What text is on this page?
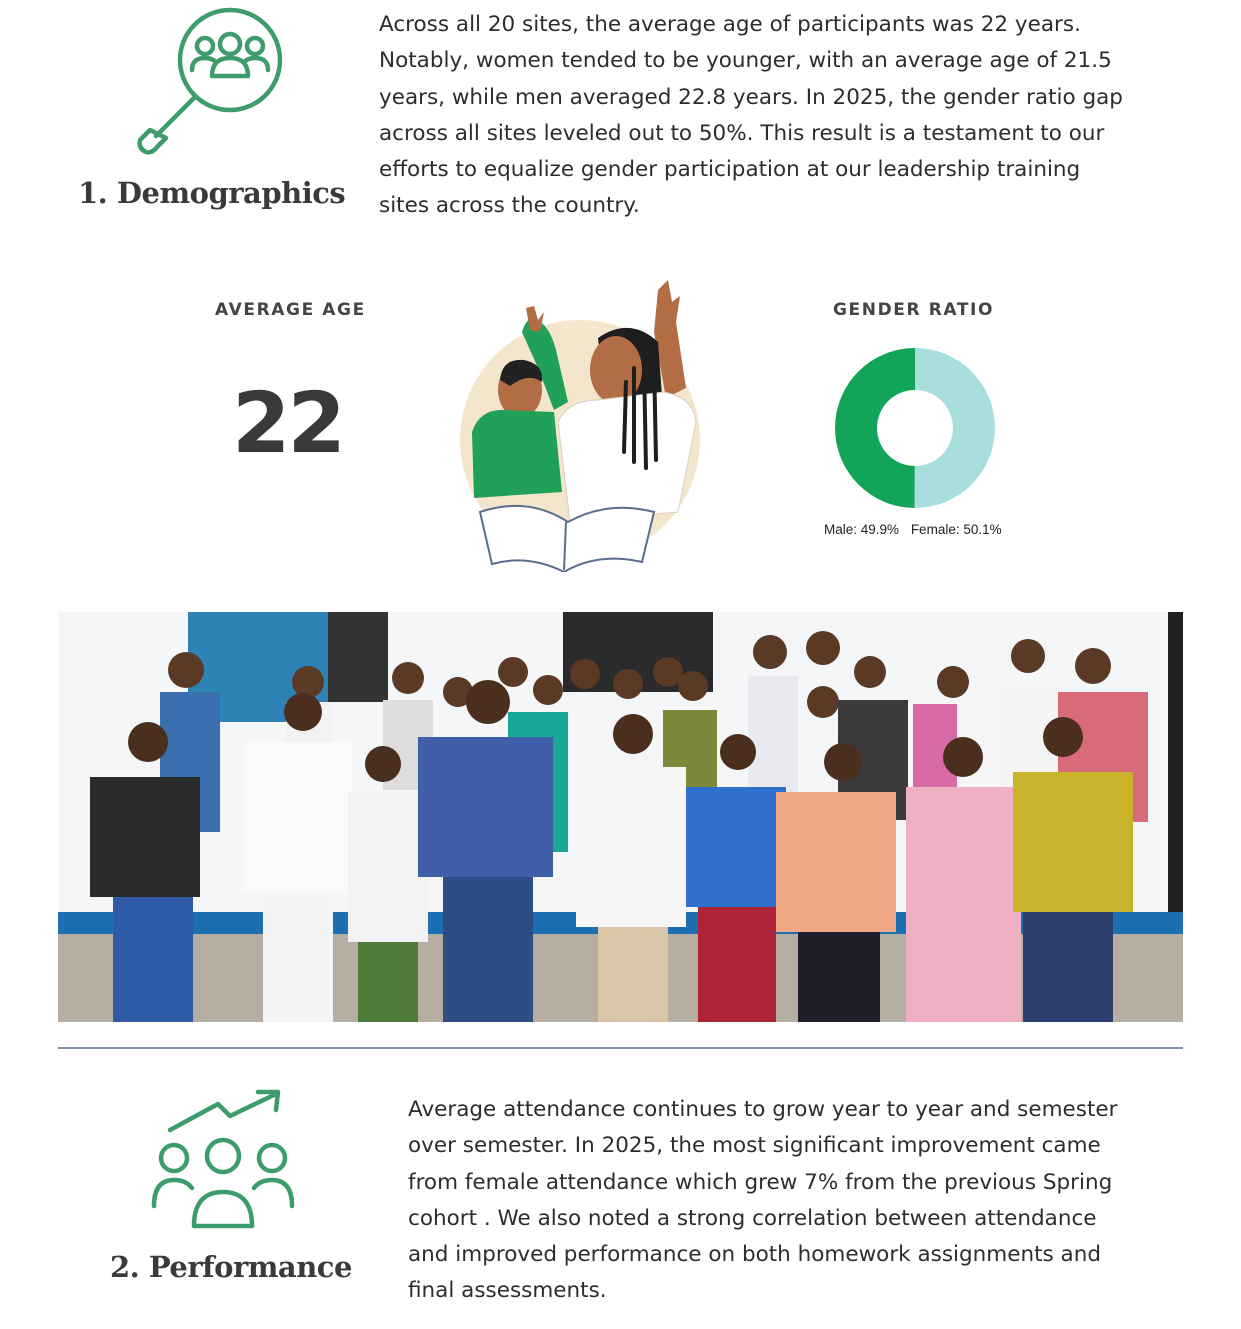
1. Demographics
Across all 20 sites, the average age of participants was 22 years.
Notably, women tended to be younger, with an average age of 21.5
years, while men averaged 22.8 years. In 2025, the gender ratio gap
across all sites leveled out to 50%. This result is a testament to our
efforts to equalize gender participation at our leadership training
sites across the country.
AVERAGE AGE
22
GENDER RATIO
Male: 49.9% Female: 50.1%
2. Performance
Average attendance continues to grow year to year and semester
over semester. In 2025, the most significant improvement came
from female attendance which grew 7% from the previous Spring
cohort . We also noted a strong correlation between attendance
and improved performance on both homework assignments and
final assessments.
